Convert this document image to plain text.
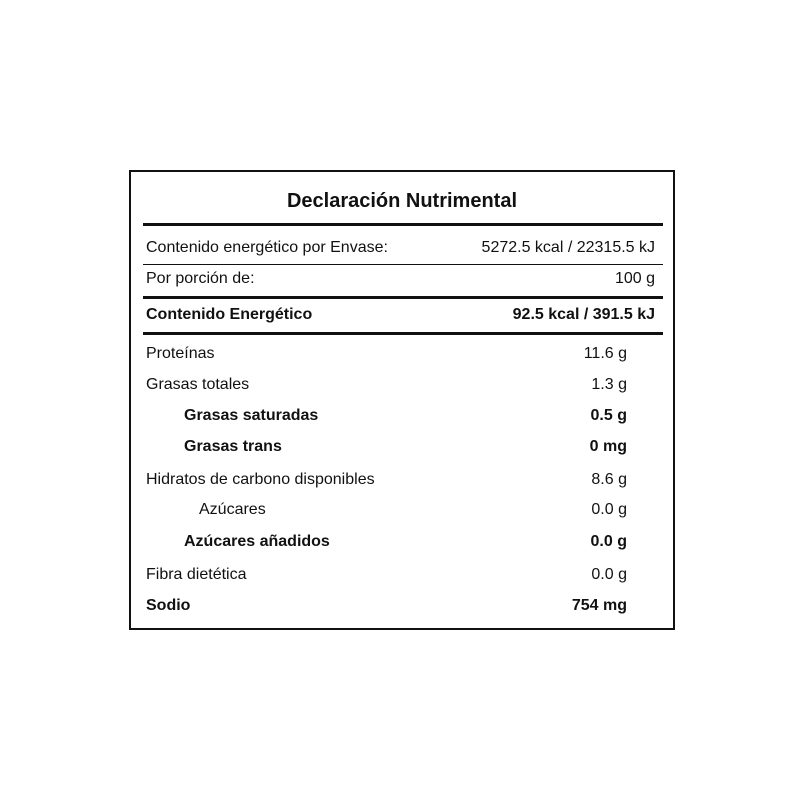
Declaración Nutrimental
Contenido energético por Envase:	5272.5 kcal / 22315.5 kJ
Por porción de:	100 g
Contenido Energético	92.5 kcal / 391.5 kJ
Proteínas	11.6 g
Grasas totales	1.3 g
Grasas saturadas	0.5 g
Grasas trans	0 mg
Hidratos de carbono disponibles	8.6 g
Azúcares	0.0 g
Azúcares añadidos	0.0 g
Fibra dietética	0.0 g
Sodio	754 mg
